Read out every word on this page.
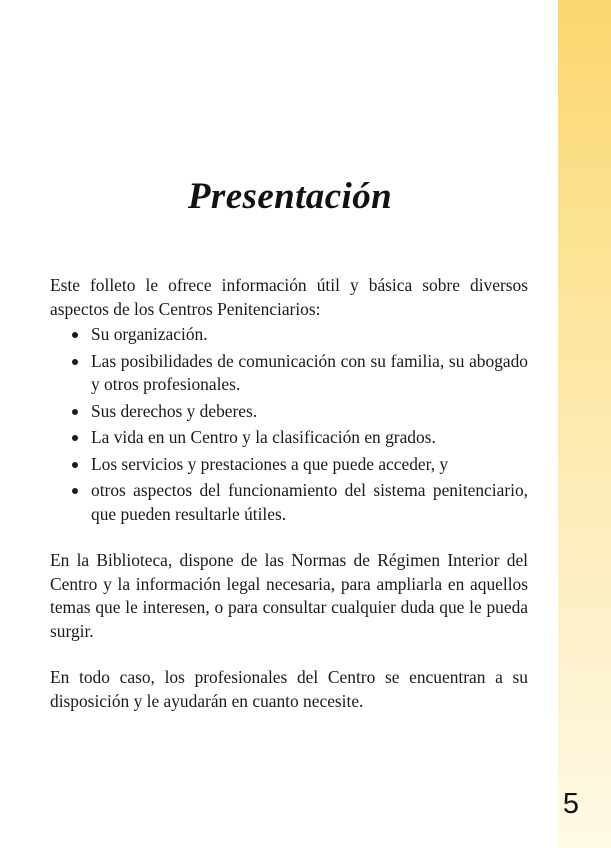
Presentación

Este folleto le ofrece información útil y básica sobre diversos aspectos de los Centros Penitenciarios:

Su organización.
Las posibilidades de comunicación con su familia, su abogado y otros profesionales.
Sus derechos y deberes.
La vida en un Centro y la clasificación en grados.
Los servicios y prestaciones a que puede acceder, y
otros aspectos del funcionamiento del sistema penitenciario, que pueden resultarle útiles.

En la Biblioteca, dispone de las Normas de Régimen Interior del Centro y la información legal necesaria, para ampliarla en aquellos temas que le interesen, o para consultar cualquier duda que le pueda surgir.

En todo caso, los profesionales del Centro se encuentran a su disposición y le ayudarán en cuanto necesite.

5
